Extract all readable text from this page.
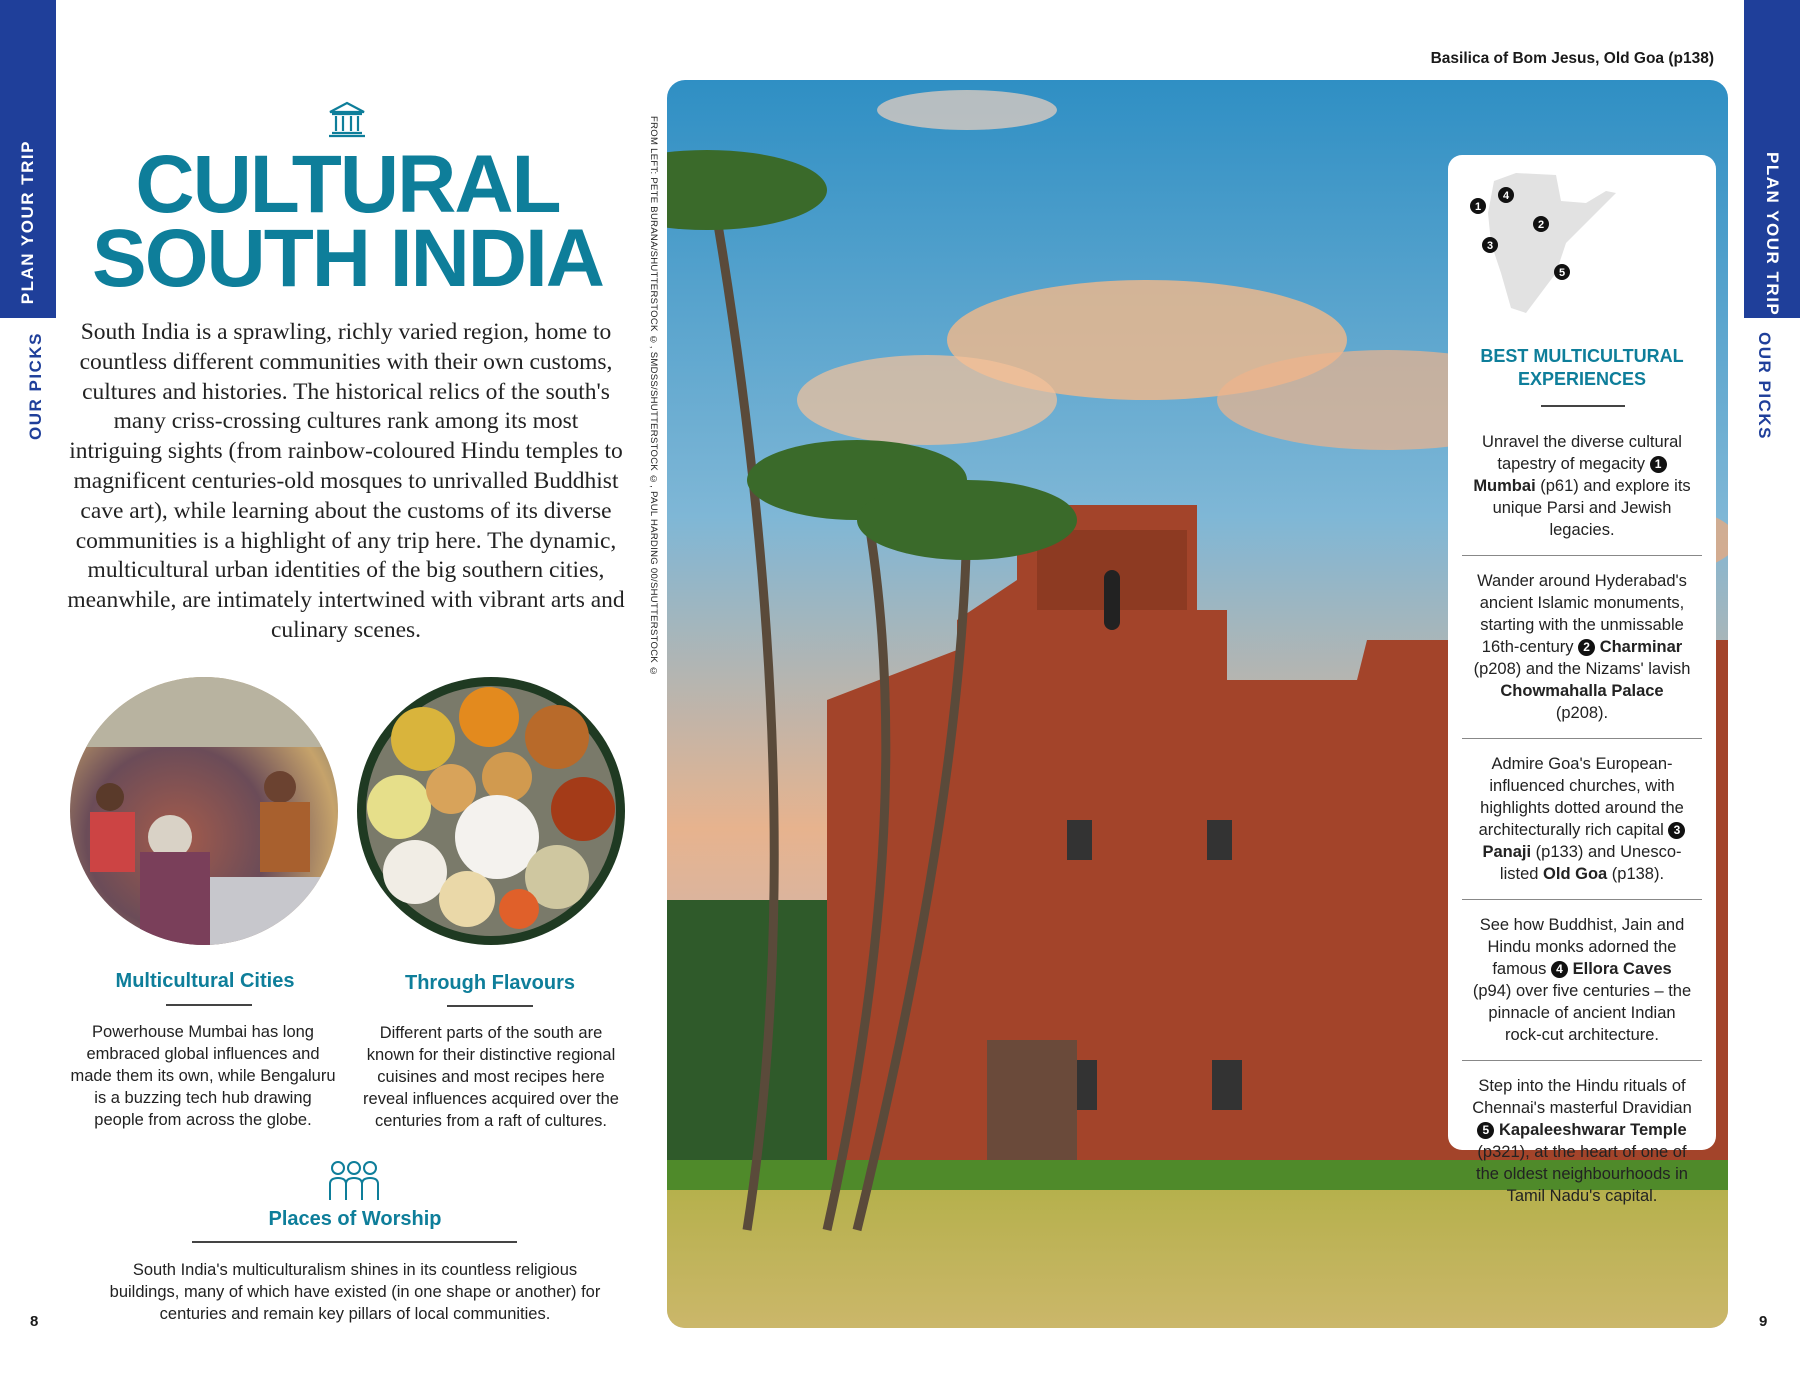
PLAN YOUR TRIP
OUR PICKS
PLAN YOUR TRIP
OUR PICKS
CULTURAL
SOUTH INDIA

South India is a sprawling, richly varied region, home to countless different communities with their own customs, cultures and histories. The historical relics of the south's many criss-crossing cultures rank among its most intriguing sights (from rainbow-coloured Hindu temples to magnificent centuries-old mosques to unrivalled Buddhist cave art), while learning about the customs of its diverse communities is a highlight of any trip here. The dynamic, multicultural urban identities of the big southern cities, meanwhile, are intimately intertwined with vibrant arts and culinary scenes.

Multicultural Cities
Powerhouse Mumbai has long embraced global influences and made them its own, while Bengaluru is a buzzing tech hub drawing people from across the globe.
Through Flavours
Different parts of the south are known for their distinctive regional cuisines and most recipes here reveal influences acquired over the centuries from a raft of cultures.
Places of Worship
South India's multiculturalism shines in its countless religious buildings, many of which have existed (in one shape or another) for centuries and remain key pillars of local communities.
8	9
FROM LEFT: PETE BURANA/SHUTTERSTOCK ©, SMDSS/SHUTTERSTOCK ©, PAUL HARDING 00/SHUTTERSTOCK ©
Basilica of Bom Jesus, Old Goa (p138)
1
2
3
4
5
BEST MULTICULTURAL EXPERIENCES
Unravel the diverse cultural tapestry of megacity 1 Mumbai (p61) and explore its unique Parsi and Jewish legacies.
Wander around Hyderabad's ancient Islamic monuments, starting with the unmissable 16th-century 2 Charminar (p208) and the Nizams' lavish Chowmahalla Palace (p208).
Admire Goa's European-influenced churches, with highlights dotted around the architecturally rich capital 3 Panaji (p133) and Unesco-listed Old Goa (p138).
See how Buddhist, Jain and Hindu monks adorned the famous 4 Ellora Caves (p94) over five centuries – the pinnacle of ancient Indian rock-cut architecture.
Step into the Hindu rituals of Chennai's masterful Dravidian 5 Kapaleeshwarar Temple (p321), at the heart of one of the oldest neighbourhoods in Tamil Nadu's capital.
